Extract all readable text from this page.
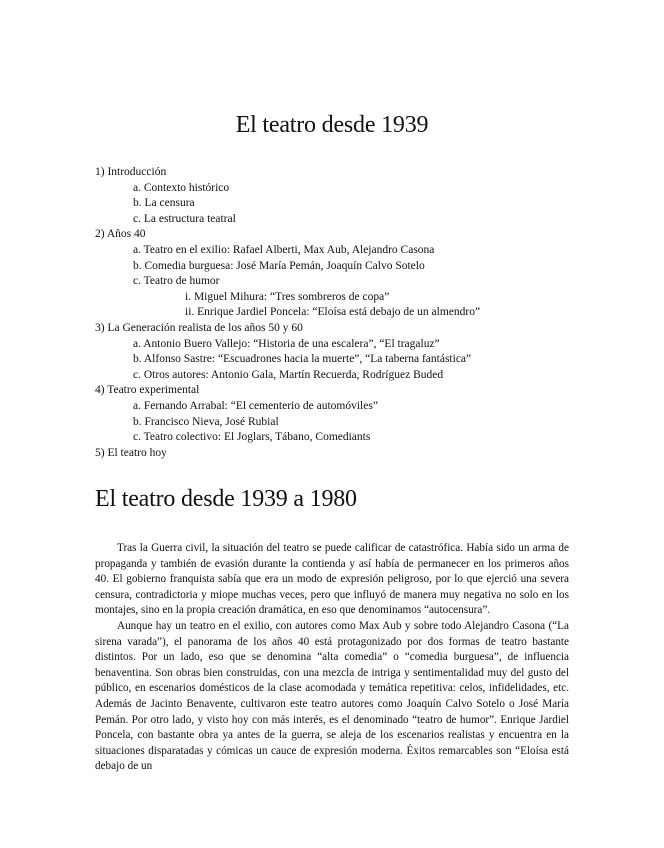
El teatro desde 1939
1) Introducción
a. Contexto histórico
b. La censura
c. La estructura teatral
2) Años 40
a. Teatro en el exilio: Rafael Alberti, Max Aub, Alejandro Casona
b. Comedia burguesa: José María Pemán, Joaquín Calvo Sotelo
c. Teatro de humor
i. Miguel Mihura: “Tres sombreros de copa”
ii. Enrique Jardiel Poncela: “Eloísa está debajo de un almendro”
3) La Generación realista de los años 50 y 60
a. Antonio Buero Vallejo: “Historia de una escalera”, “El tragaluz”
b. Alfonso Sastre: “Escuadrones hacia la muerte”, “La taberna fantástica”
c. Otros autores: Antonio Gala, Martín Recuerda, Rodríguez Buded
4) Teatro experimental
a. Fernando Arrabal: “El cementerio de automóviles”
b. Francisco Nieva, José Rubial
c. Teatro colectivo: El Joglars, Tábano, Comediants
5) El teatro hoy
El teatro desde 1939 a 1980

Tras la Guerra civil, la situación del teatro se puede calificar de catastrófica. Había sido un arma de propaganda y también de evasión durante la contienda y así había de permanecer en los primeros años 40. El gobierno franquista sabía que era un modo de expresión peligroso, por lo que ejerció una severa censura, contradictoria y miope muchas veces, pero que influyó de manera muy negativa no solo en los montajes, sino en la propia creación dramática, en eso que denominamos “autocensura”.

Aunque hay un teatro en el exilio, con autores como Max Aub y sobre todo Alejandro Casona (“La sirena varada”), el panorama de los años 40 está protagonizado por dos formas de teatro bastante distintos. Por un lado, eso que se denomina “alta comedia” o “comedia burguesa”, de influencia benaventina. Son obras bien construidas, con una mezcla de intriga y sentimentalidad muy del gusto del público, en escenarios domésticos de la clase acomodada y temática repetitiva: celos, infidelidades, etc. Además de Jacinto Benavente, cultivaron este teatro autores como Joaquín Calvo Sotelo o José María Pemán. Por otro lado, y visto hoy con más interés, es el denominado “teatro de humor”. Enrique Jardiel Poncela, con bastante obra ya antes de la guerra, se aleja de los escenarios realistas y encuentra en la situaciones disparatadas y cómicas un cauce de expresión moderna. Éxitos remarcables son “Eloísa está debajo de un
